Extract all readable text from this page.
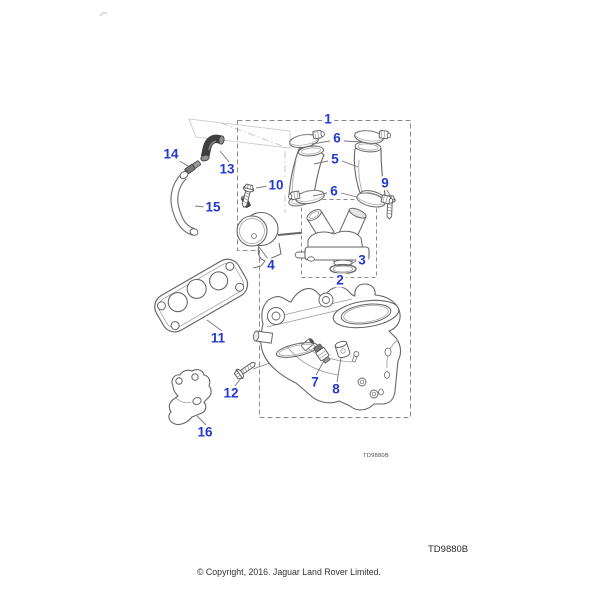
1
6
5
6
9
10
13
14
15
4	3
2
11
7 8
12
16
TD9880B
TD9880B
© Copyright, 2016. Jaguar Land Rover Limited.
